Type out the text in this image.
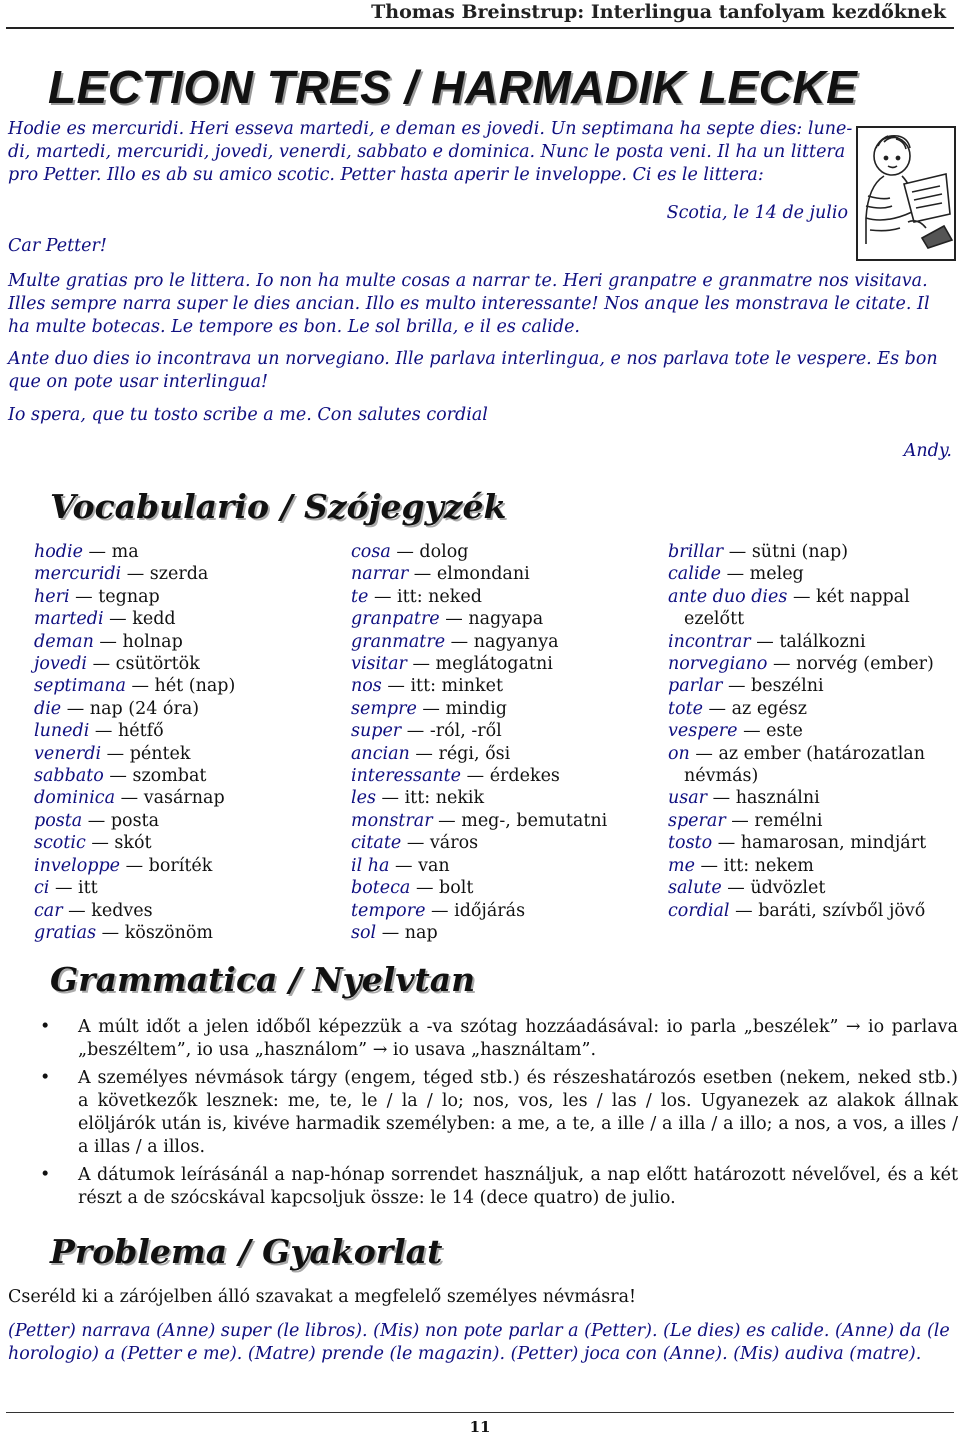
Thomas Breinstrup: Interlingua tanfolyam kezdőknek
LECTION TRES / HARMADIK LECKE
Hodie es mercuridi. Heri esseva martedi, e deman es jovedi. Un septimana ha septe dies: lune-
di, martedi, mercuridi, jovedi, venerdi, sabbato e dominica. Nunc le posta veni. Il ha un littera
pro Petter. Illo es ab su amico scotic. Petter hasta aperir le inveloppe. Ci es le littera:
Scotia, le 14 de julio
Car Petter!
Multe gratias pro le littera. Io non ha multe cosas a narrar te. Heri granpatre e granmatre nos visitava. Illes sempre narra super le dies ancian. Illo es multo interessante! Nos anque les monstrava le citate. Il ha multe botecas. Le tempore es bon. Le sol brilla, e il es calide.
Ante duo dies io incontrava un norvegiano. Ille parlava interlingua, e nos parlava tote le vespere. Es bon que on pote usar interlingua!
Io spera, que tu tosto scribe a me. Con salutes cordial
Andy.
Vocabulario / Szójegyzék
hodie — ma
mercuridi — szerda
heri — tegnap
martedi — kedd
deman — holnap
jovedi — csütörtök
septimana — hét (nap)
die — nap (24 óra)
lunedi — hétfő
venerdi — péntek
sabbato — szombat
dominica — vasárnap
posta — posta
scotic — skót
inveloppe — boríték
ci — itt
car — kedves
gratias — köszönöm
cosa — dolog
narrar — elmondani
te — itt: neked
granpatre — nagyapa
granmatre — nagyanya
visitar — meglátogatni
nos — itt: minket
sempre — mindig
super — -ról, -ről
ancian — régi, ősi
interessante — érdekes
les — itt: nekik
monstrar — meg-, bemutatni
citate — város
il ha — van
boteca — bolt
tempore — időjárás
sol — nap
brillar — sütni (nap)
calide — meleg
ante duo dies — két nappal
ezelőtt
incontrar — találkozni
norvegiano — norvég (ember)
parlar — beszélni
tote — az egész
vespere — este
on — az ember (határozatlan
névmás)
usar — használni
sperar — remélni
tosto — hamarosan, mindjárt
me — itt: nekem
salute — üdvözlet
cordial — baráti, szívből jövő
Grammatica / Nyelvtan
• A múlt időt a jelen időből képezzük a -va szótag hozzáadásával: io parla „beszélek” → io parlava „beszéltem”, io usa „használom” → io usava „használtam”.
• A személyes névmások tárgy (engem, téged stb.) és részeshatározós esetben (nekem, neked stb.) a következők lesznek: me, te, le / la / lo; nos, vos, les / las / los. Ugyanezek az alakok állnak elöljárók után is, kivéve harmadik személyben: a me, a te, a ille / a illa / a illo; a nos, a vos, a illes / a illas / a illos.
• A dátumok leírásánál a nap-hónap sorrendet használjuk, a nap előtt határozott névelővel, és a két részt a de szócskával kapcsoljuk össze: le 14 (dece quatro) de julio.
Problema / Gyakorlat
Cseréld ki a zárójelben álló szavakat a megfelelő személyes névmásra!
(Petter) narrava (Anne) super (le libros). (Mis) non pote parlar a (Petter). (Le dies) es calide. (Anne) da (le horologio) a (Petter e me). (Matre) prende (le magazin). (Petter) joca con (Anne). (Mis) audiva (matre).
11
